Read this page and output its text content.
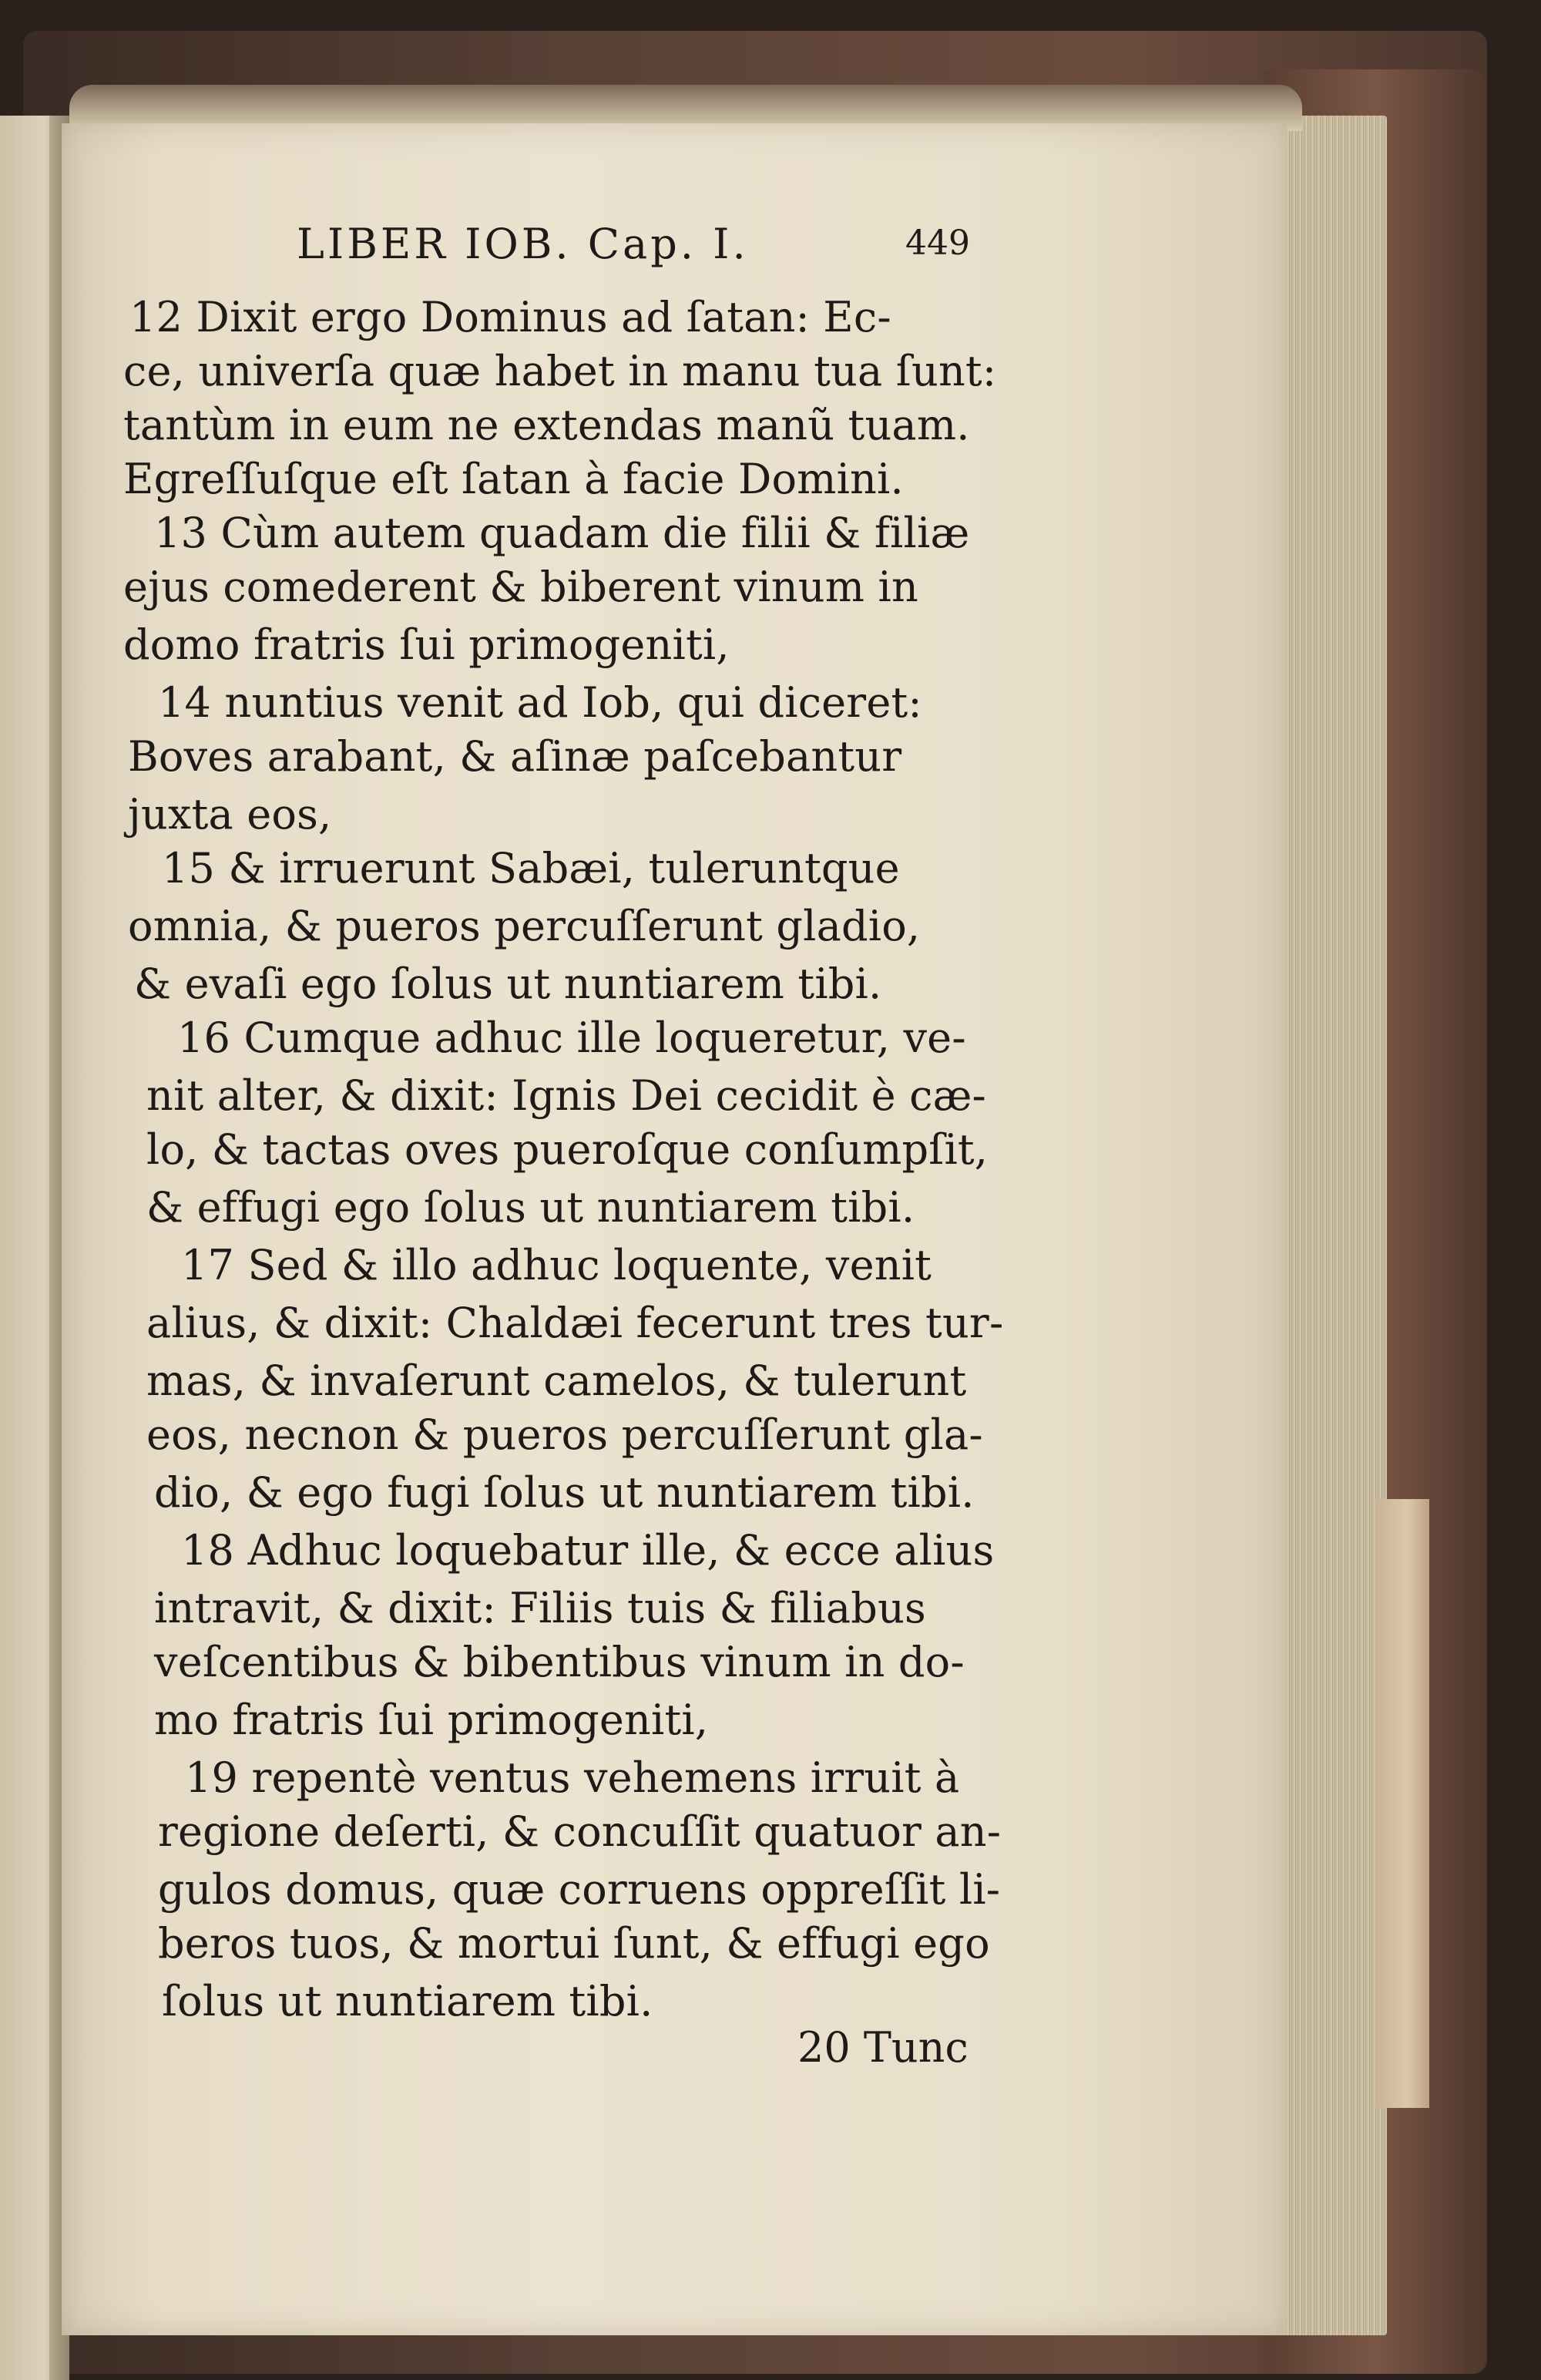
LIBER IOB. Cap. I.	449
12 Dixit ergo Dominus ad ſatan: Ec-
ce, univerſa quæ habet in manu tua ſunt:
tantùm in eum ne extendas manũ tuam.
Egreſſuſque eſt ſatan à facie Domini.
13 Cùm autem quadam die filii & filiæ
ejus comederent & biberent vinum in
domo fratris ſui primogeniti,
14 nuntius venit ad Iob, qui diceret:
Boves arabant, & aſinæ paſcebantur
juxta eos,
15 & irruerunt Sabæi, tuleruntque
omnia, & pueros percuſſerunt gladio,
& evaſi ego ſolus ut nuntiarem tibi.
16 Cumque adhuc ille loqueretur, ve-
nit alter, & dixit: Ignis Dei cecidit è cæ-
lo, & tactas oves pueroſque conſumpſit,
& effugi ego ſolus ut nuntiarem tibi.
17 Sed & illo adhuc loquente, venit
alius, & dixit: Chaldæi fecerunt tres tur-
mas, & invaſerunt camelos, & tulerunt
eos, necnon & pueros percuſſerunt gla-
dio, & ego fugi ſolus ut nuntiarem tibi.
18 Adhuc loquebatur ille, & ecce alius
intravit, & dixit: Filiis tuis & filiabus
veſcentibus & bibentibus vinum in do-
mo fratris ſui primogeniti,
19 repentè ventus vehemens irruit à
regione deſerti, & concuſſit quatuor an-
gulos domus, quæ corruens oppreſſit li-
beros tuos, & mortui ſunt, & effugi ego
ſolus ut nuntiarem tibi.
20 Tunc
